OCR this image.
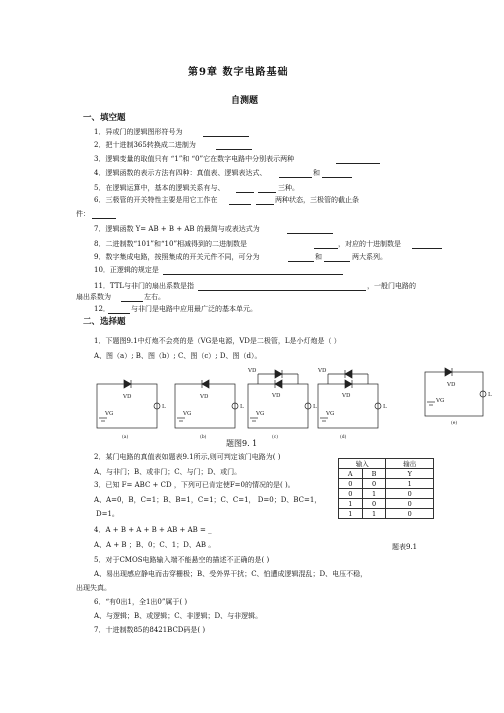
第9章 数字电路基础
自测题
一、填空题
1．异或门的逻辑图形符号为
2．把十进制365转换成二进制为
3．逻辑变量的取值只有 “1”和 “0”它在数字电路中分别表示两种
4．逻辑函数的表示方法有四种：真值表、逻辑表达式、	和
5．在逻辑运算中，基本的逻辑关系有与、	三种。
6．三极管的开关特性主要是用它工作在	两种状态，三极管的截止条
件：
7．逻辑函数 Y= AB + B + AB 的最简与或表达式为
8．二进制数“101”和“10”相减得到的二进制数是	，对应的十进制数是
9．数字集成电路，按照集成的开关元件不同，可分为	和	两大系列。
10．正逻辑的规定是
11．TTL与非门的扇出系数是指	，一般门电路的
扇出系数为	左右。
12．	与非门是电路中应用最广泛的基本单元。
二、选择题
1．下题图9.1中灯炮不会亮的是（VG是电源，VD是二极管，L是小灯炮是（ ）
A、图（a）; B、图（b）; C、图（c）; D、图（d）。
VG
VD
L
(a)
VG
VD
L
(b)
VD
VG
VD
L
(c)
VD
VG
VD
L
(d)
VD
VG
L
(e)
题图9. 1
2．某门电路的真值表如题表9.1所示,则可判定该门电路为( )
A、与非门；B、或非门；C、与门；D、或门。
输入		输出
A	B	Y
0	0	1
0	1	0
1	0	0
1	1	0
题表9.1
3．已知 F= ABC + CD ，下列可已肯定使F=0的情况的是( )。
A、A=0，B，C=1；B、B=1，C=1；C、C=1， D=0；D、BC=1，
D=1。
4．A + B + A + B + AB + AB = _
A、A + B ；B、0；C、1；D、AB 。
5．对于CMOS电路输入端不能悬空的描述不正确的是( )
A、易出现感应静电而击穿栅极；B、受外界干扰；C、怕遭成逻辑混乱；D、电压不稳，
出现失真。
6．“有0出1，全1出0”属于( )
A、与逻辑；B、或逻辑；C、非逻辑；D、与非逻辑。
7．十进制数85的8421BCD码是( )
